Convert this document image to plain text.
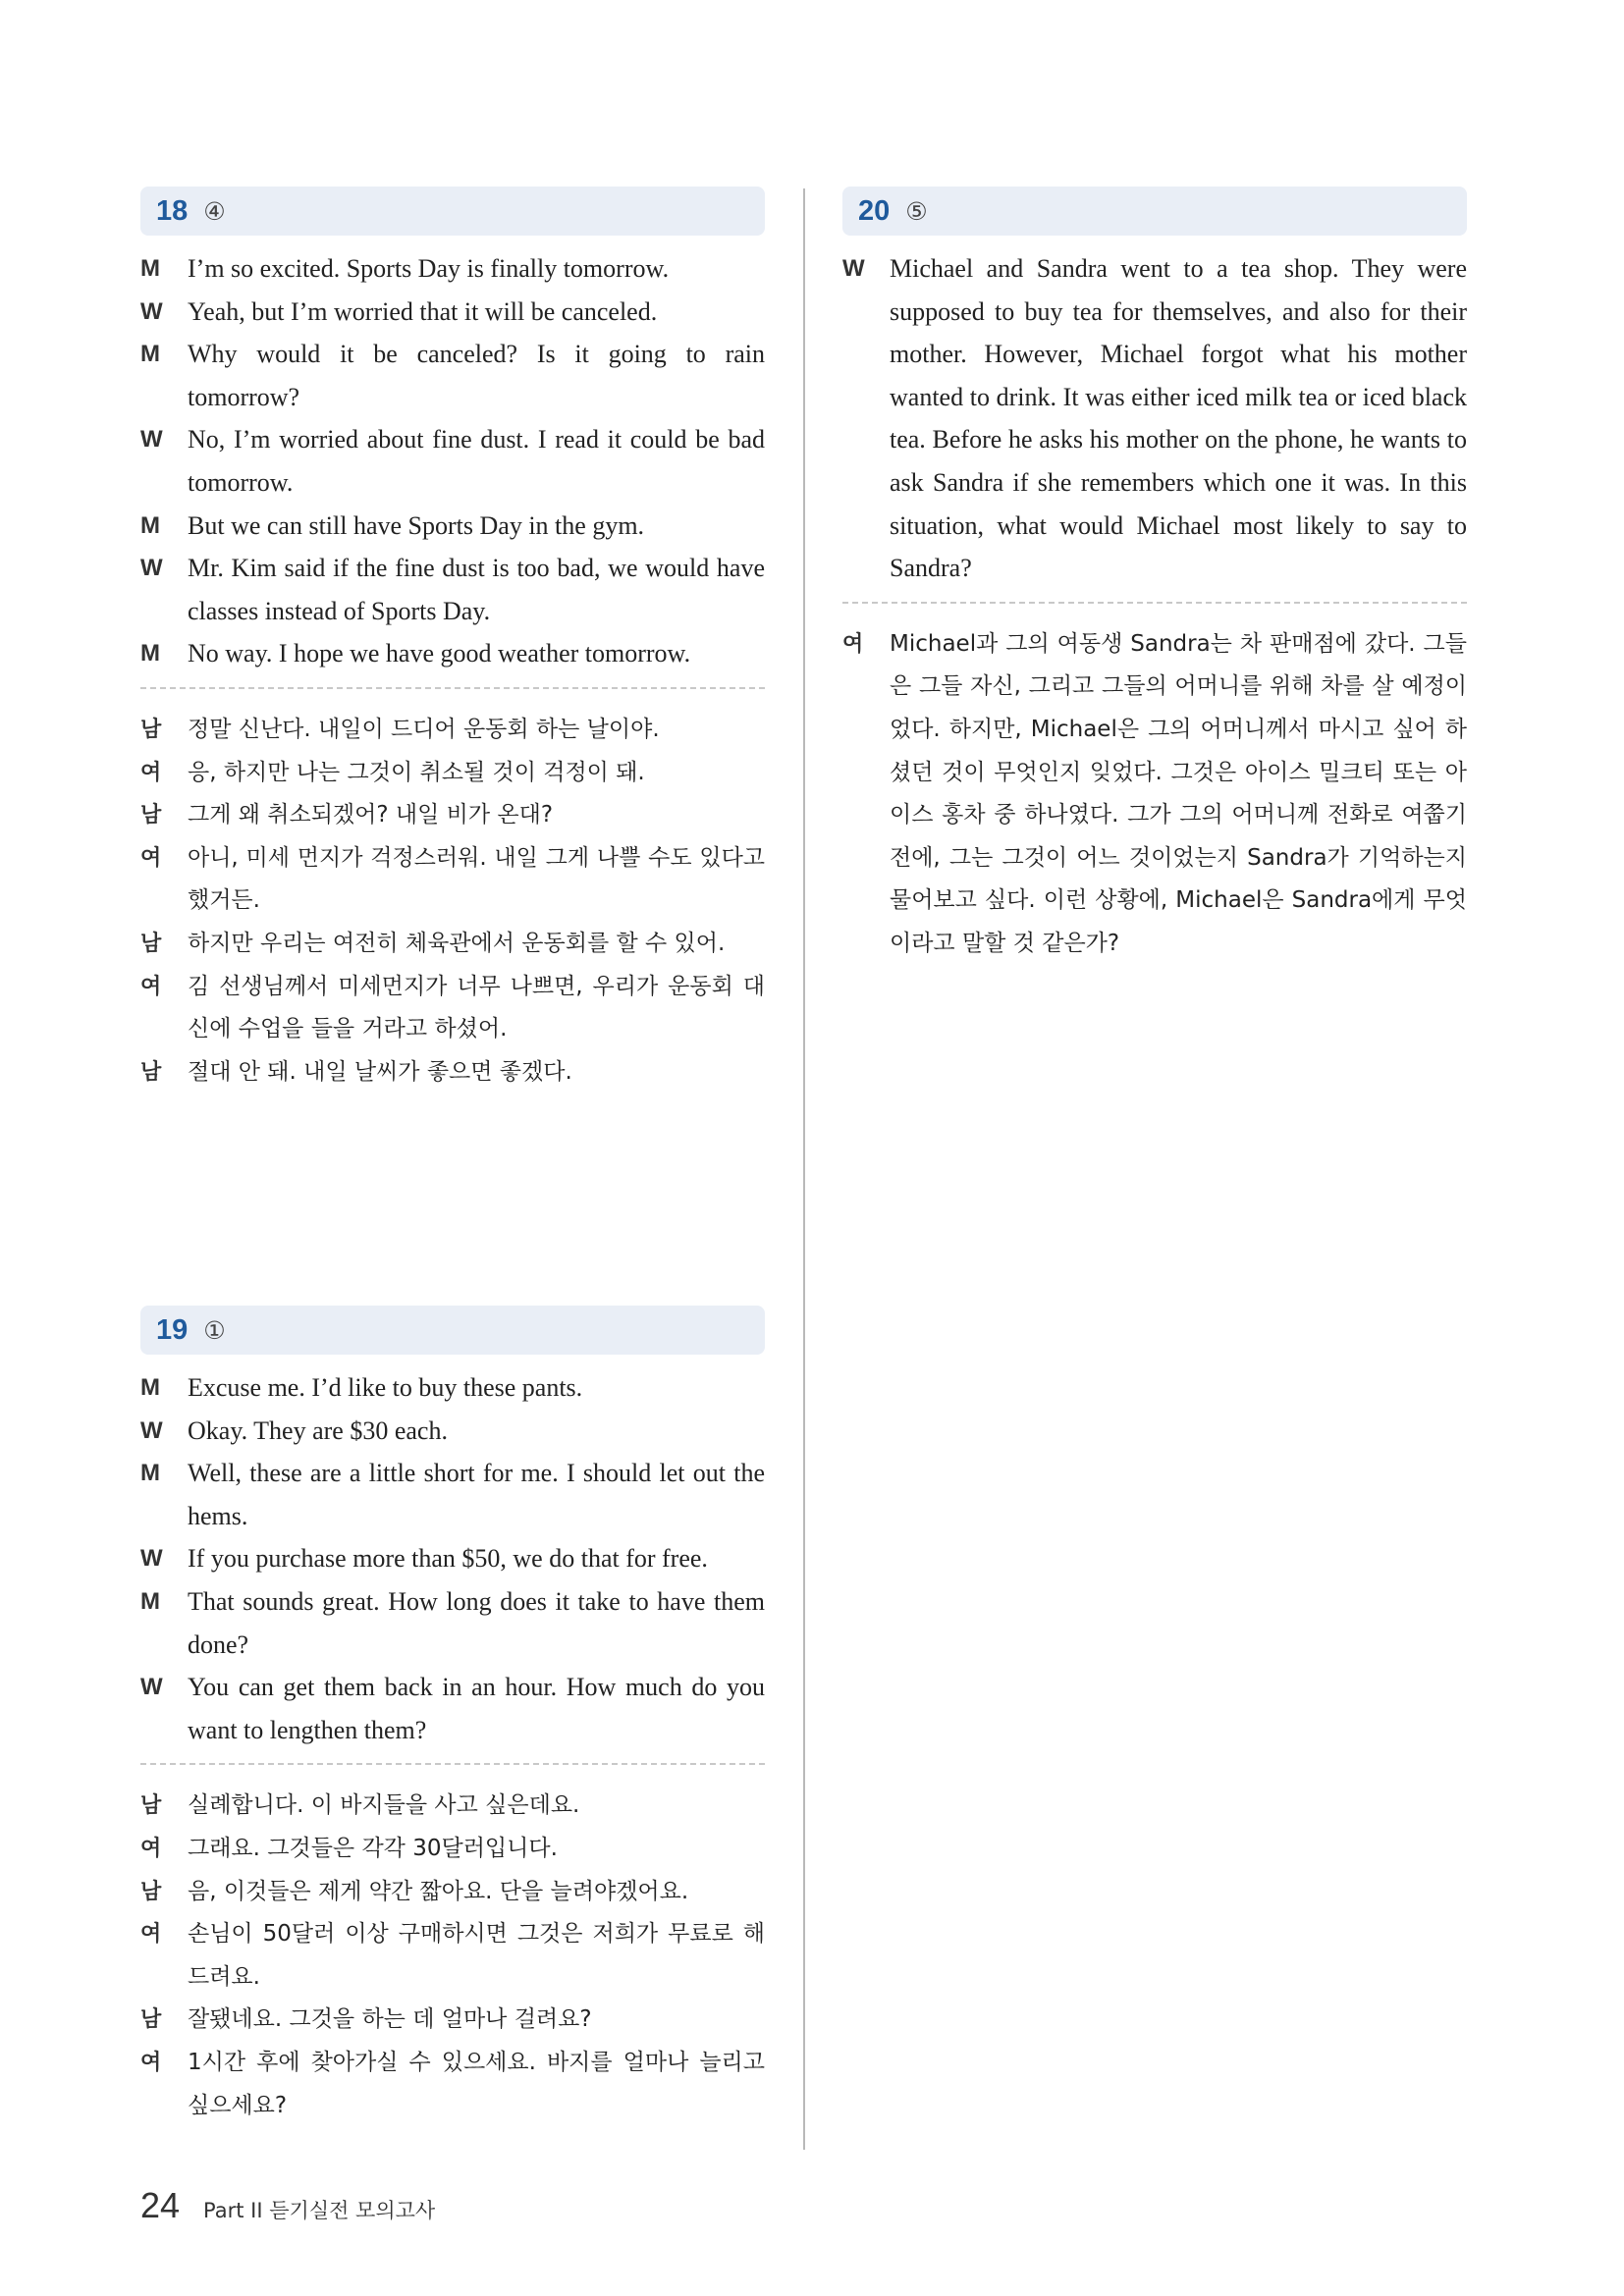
18 ④
M	I’m so excited. Sports Day is finally tomorrow.
W Yeah, but I’m worried that it will be canceled.
M	Why would it be canceled? Is it going to rain tomorrow?
W No, I’m worried about fine dust. I read it could be bad tomorrow.
M	But we can still have Sports Day in the gym.
W Mr. Kim said if the fine dust is too bad, we would have classes instead of Sports Day.
M	No way. I hope we have good weather tomorrow.
남	정말 신난다. 내일이 드디어 운동회 하는 날이야.
여	응, 하지만 나는 그것이 취소될 것이 걱정이 돼.
남	그게 왜 취소되겠어? 내일 비가 온대?
여	아니, 미세 먼지가 걱정스러워. 내일 그게 나쁠 수도 있다고 했거든.
남	하지만 우리는 여전히 체육관에서 운동회를 할 수 있어.
여	김 선생님께서 미세먼지가 너무 나쁘면, 우리가 운동회 대신에 수업을 들을 거라고 하셨어.
남	절대 안 돼. 내일 날씨가 좋으면 좋겠다.
19 ①
M	Excuse me. I’d like to buy these pants.
W Okay. They are $30 each.
M	Well, these are a little short for me. I should let out the hems.
W If you purchase more than $50, we do that for free.
M	That sounds great. How long does it take to have them done?
W You can get them back in an hour. How much do you want to lengthen them?
남	실례합니다. 이 바지들을 사고 싶은데요.
여	그래요. 그것들은 각각 30달러입니다.
남	음, 이것들은 제게 약간 짧아요. 단을 늘려야겠어요.
여	손님이 50달러 이상 구매하시면 그것은 저희가 무료로 해 드려요.
남	잘됐네요. 그것을 하는 데 얼마나 걸려요?
여	1시간 후에 찾아가실 수 있으세요. 바지를 얼마나 늘리고 싶으세요?
20 ⑤
W Michael and Sandra went to a tea shop. They were supposed to buy tea for themselves, and also for their mother. However, Michael forgot what his mother wanted to drink. It was either iced milk tea or iced black tea. Before he asks his mother on the phone, he wants to ask Sandra if she remembers which one it was. In this situation, what would Michael most likely to say to Sandra?
여	Michael과 그의 여동생 Sandra는 차 판매점에 갔다. 그들은 그들 자신, 그리고 그들의 어머니를 위해 차를 살 예정이었다. 하지만, Michael은 그의 어머니께서 마시고 싶어 하셨던 것이 무엇인지 잊었다. 그것은 아이스 밀크티 또는 아이스 홍차 중 하나였다. 그가 그의 어머니께 전화로 여쭙기 전에, 그는 그것이 어느 것이었는지 Sandra가 기억하는지 물어보고 싶다. 이런 상황에, Michael은 Sandra에게 무엇이라고 말할 것 같은가?
24 Part II 듣기실전 모의고사
